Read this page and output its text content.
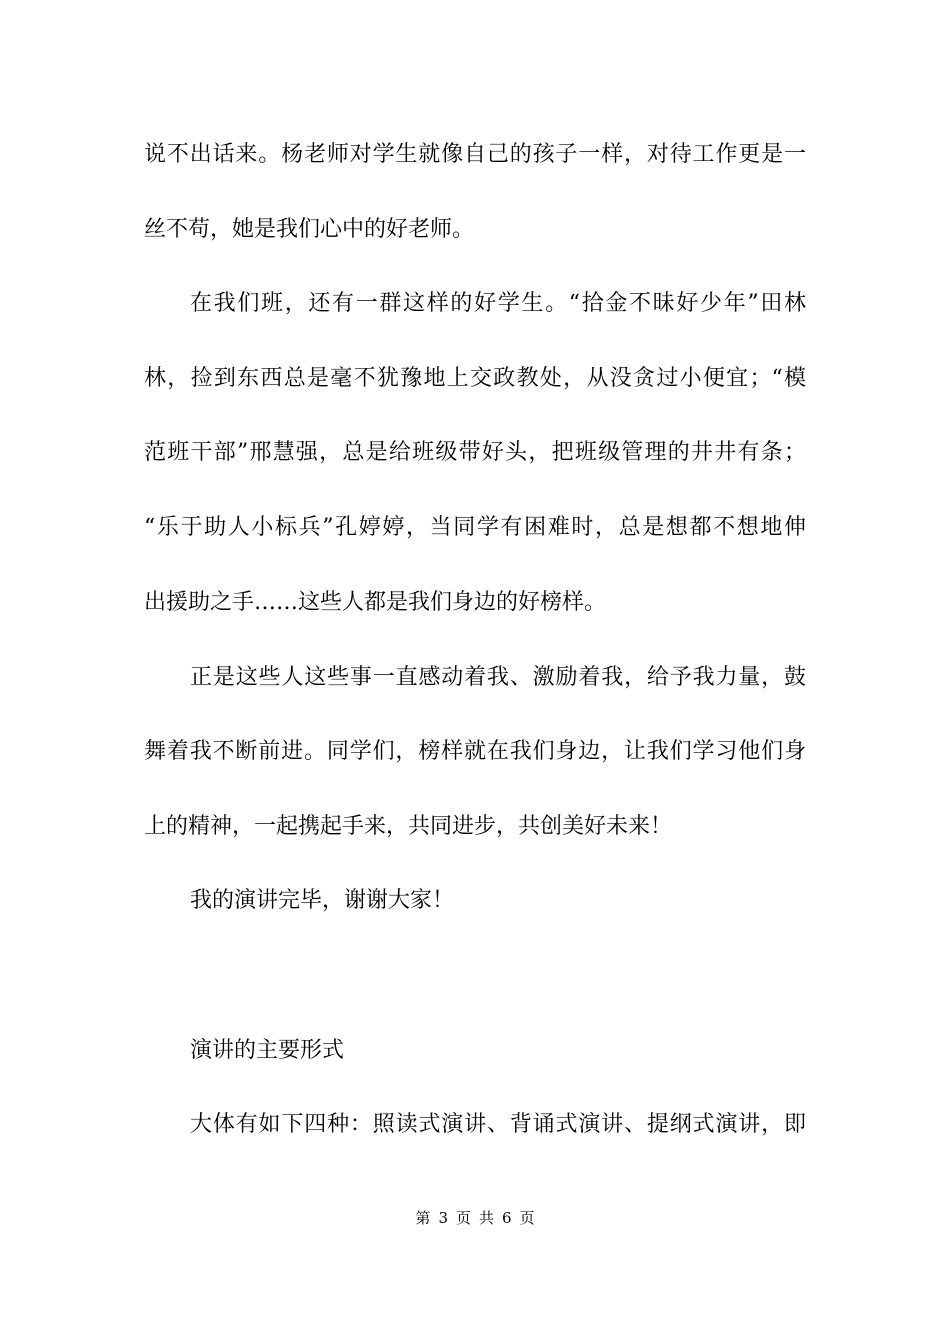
说不出话来。杨老师对学生就像自己的孩子一样，对待工作更是一
丝不苟，她是我们心中的好老师。
在我们班，还有一群这样的好学生。“拾金不昧好少年”田林
林，捡到东西总是毫不犹豫地上交政教处，从没贪过小便宜；“模
范班干部”邢慧强，总是给班级带好头，把班级管理的井井有条；
“乐于助人小标兵”孔婷婷，当同学有困难时，总是想都不想地伸
出援助之手……这些人都是我们身边的好榜样。
正是这些人这些事一直感动着我、激励着我，给予我力量，鼓
舞着我不断前进。同学们，榜样就在我们身边，让我们学习他们身
上的精神，一起携起手来，共同进步，共创美好未来！
我的演讲完毕，谢谢大家！
演讲的主要形式
大体有如下四种：照读式演讲、背诵式演讲、提纲式演讲，即
第 3 页 共 6 页
